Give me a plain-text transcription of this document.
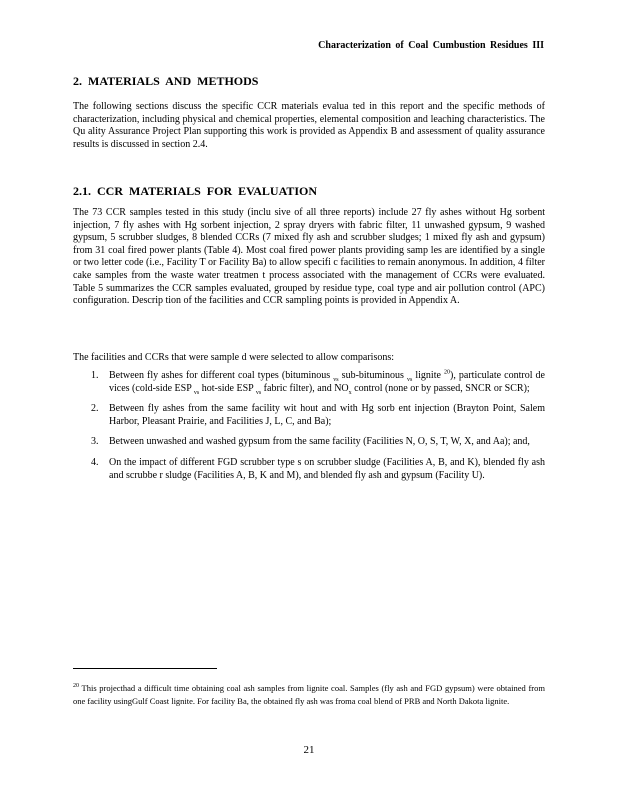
Characterization of Coal Cumbustion Residues III
2. MATERIALS AND METHODS
The following sections discuss the specific CCR materials evalua ted in this report and the specific methods of characterization, including physical and chemical properties, elemental composition and leaching characteristics. The Qu ality Assurance Project Plan supporting this work is provided as Appendix B and assessment of quality assurance results is discussed in section 2.4.
2.1. CCR MATERIALS FOR EVALUATION
The 73 CCR samples tested in this study (inclu sive of all three reports) include 27 fly ashes without Hg sorbent injection, 7 fly ashes with Hg sorbent injection, 2 spray dryers with fabric filter, 11 unwashed gypsum, 9 washed gypsum, 5 scrubber sludges, 8 blended CCRs (7 mixed fly ash and scrubber sludges; 1 mixed fly ash and gypsum) from 31 coal fired power plants (Table 4). Most coal fired power plants providing samp les are identified by a single or two letter code (i.e., Facility T or Facility Ba) to allow specifi c facilities to remain anonymous. In addition, 4 filter cake samples from the waste water treatmen t process associated with the management of CCRs were evaluated. Table 5 summarizes the CCR samples evaluated, grouped by residue type, coal type and air pollution control (APC) configuration. Descrip tion of the facilities and CCR sampling points is provided in Appendix A.
The facilities and CCRs that were sample d were selected to allow comparisons:
1. Between fly ashes for different coal types (bituminous $_{vs}$ sub-bituminous $_{vs}$ lignite $^{20}$), particulate control de vices (cold-side ESP $_{vs}$ hot-side ESP $_{vs}$ fabric filter), and $NO_x$ control (none or by passed, SNCR or SCR);
2. Between fly ashes from the same facility wit hout and with Hg sorb ent injection (Brayton Point, Salem Harbor, Pleasant Prairie, and Facilities J, L, C, and Ba);
3. Between unwashed and washed gypsum from the same facility (Facilities N, O, S, T, W, X, and Aa); and,
4. On the impact of different FGD scrubber type s on scrubber sludge (Facilities A, B, and K), blended fly ash and scrubbe r sludge (Facilities A, B, K and M), and blended fly ash and gypsum (Facility U).
$^{20}$ This projecthad a difficult time obtaining coal ash samples from lignite coal. Samples (fly ash and FGD gypsum) were obtained from one facility usingGulf Coast lignite. For facility Ba, the obtained fly ash was froma coal blend of PRB and North Dakota lignite.
21
